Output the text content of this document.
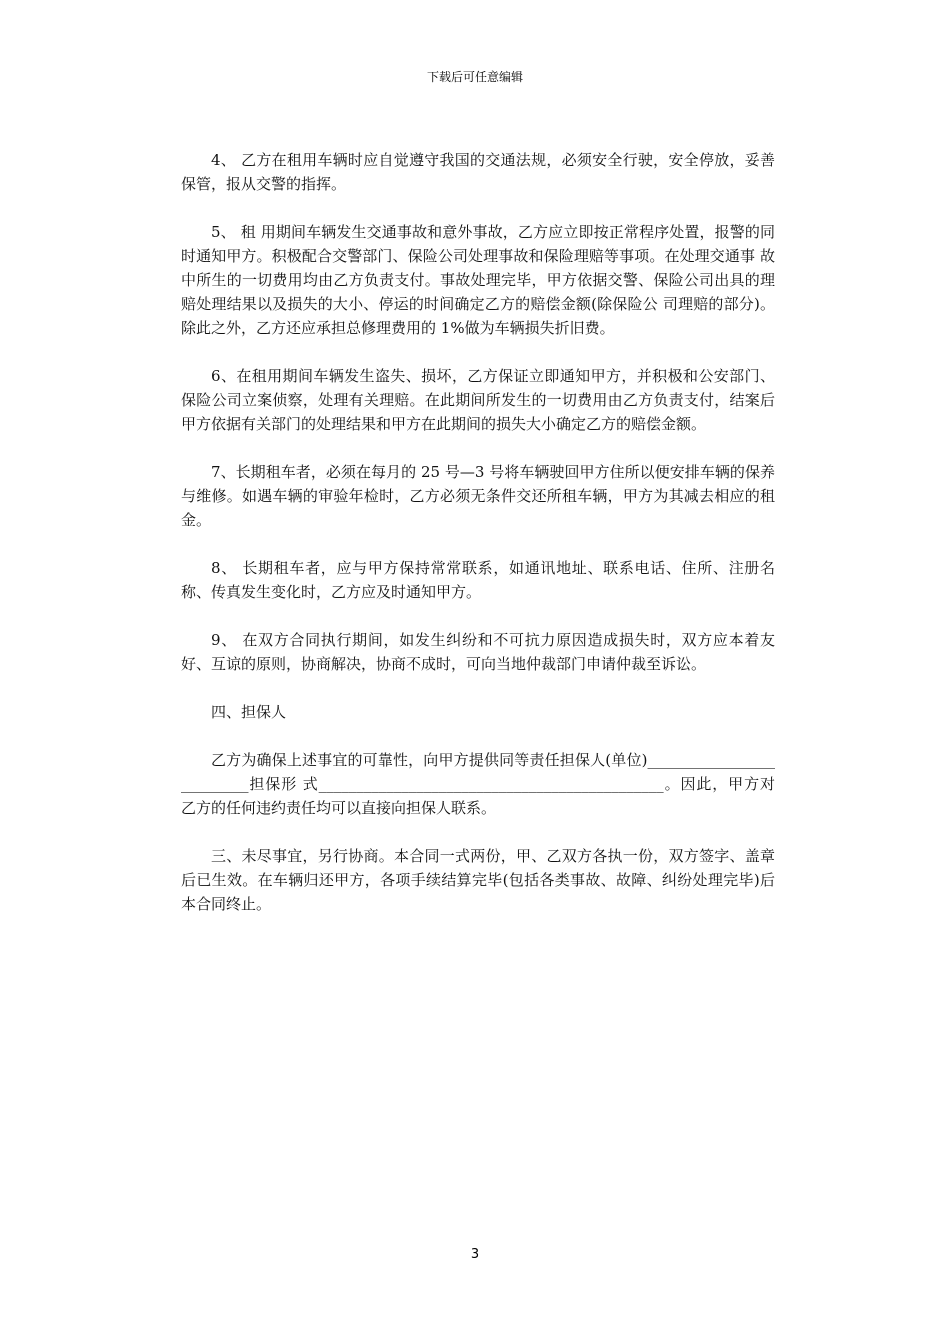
下载后可任意编辑

4、 乙方在租用车辆时应自觉遵守我国的交通法规，必须安全行驶，安全停放，妥善保管，报从交警的指挥。

5、 租 用期间车辆发生交通事故和意外事故，乙方应立即按正常程序处置，报警的同时通知甲方。积极配合交警部门、保险公司处理事故和保险理赔等事项。在处理交通事 故中所生的一切费用均由乙方负责支付。事故处理完毕，甲方依据交警、保险公司出具的理赔处理结果以及损失的大小、停运的时间确定乙方的赔偿金额(除保险公 司理赔的部分)。除此之外，乙方还应承担总修理费用的 1%做为车辆损失折旧费。

6、在租用期间车辆发生盗失、损坏，乙方保证立即通知甲方，并积极和公安部门、保险公司立案侦察，处理有关理赔。在此期间所发生的一切费用由乙方负责支付，结案后甲方依据有关部门的处理结果和甲方在此期间的损失大小确定乙方的赔偿金额。

7、长期租车者，必须在每月的 25 号—3 号将车辆驶回甲方住所以便安排车辆的保养与维修。如遇车辆的审验年检时，乙方必须无条件交还所租车辆，甲方为其减去相应的租金。

8、 长期租车者，应与甲方保持常常联系，如通讯地址、联系电话、住所、注册名称、传真发生变化时，乙方应及时通知甲方。

9、 在双方合同执行期间，如发生纠纷和不可抗力原因造成损失时，双方应本着友好、互谅的原则，协商解决，协商不成时，可向当地仲裁部门申请仲裁至诉讼。

四、担保人

乙方为确保上述事宜的可靠性，向甲方提供同等责任担保人(单位)__________________________担保形 式______________________________________________。因此，甲方对乙方的任何违约责任均可以直接向担保人联系。

三、未尽事宜，另行协商。本合同一式两份，甲、乙双方各执一份，双方签字、盖章后已生效。在车辆归还甲方，各项手续结算完毕(包括各类事故、故障、纠纷处理完毕)后本合同终止。

3
